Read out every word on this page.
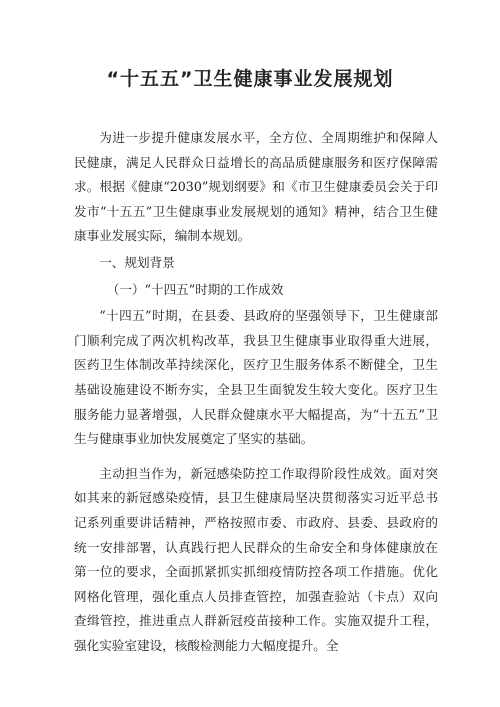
“十五五”卫生健康事业发展规划

为进一步提升健康发展水平，全方位、全周期维护和保障人民健康，满足人民群众日益增长的高品质健康服务和医疗保障需求。根据《健康“2030”规划纲要》和《市卫生健康委员会关于印发市“十五五”卫生健康事业发展规划的通知》精神，结合卫生健康事业发展实际，编制本规划。

一、规划背景

（一）“十四五”时期的工作成效

“十四五”时期，在县委、县政府的坚强领导下，卫生健康部门顺利完成了两次机构改革，我县卫生健康事业取得重大进展，医药卫生体制改革持续深化，医疗卫生服务体系不断健全，卫生基础设施建设不断夯实，全县卫生面貌发生较大变化。医疗卫生服务能力显著增强，人民群众健康水平大幅提高，为“十五五”卫生与健康事业加快发展奠定了坚实的基础。

主动担当作为，新冠感染防控工作取得阶段性成效。面对突如其来的新冠感染疫情，县卫生健康局坚决贯彻落实习近平总书记系列重要讲话精神，严格按照市委、市政府、县委、县政府的统一安排部署，认真践行把人民群众的生命安全和身体健康放在第一位的要求，全面抓紧抓实抓细疫情防控各项工作措施。优化网格化管理，强化重点人员排查管控，加强查验站（卡点）双向查缉管控，推进重点人群新冠疫苗接种工作。实施双提升工程，强化实验室建设，核酸检测能力大幅度提升。全
